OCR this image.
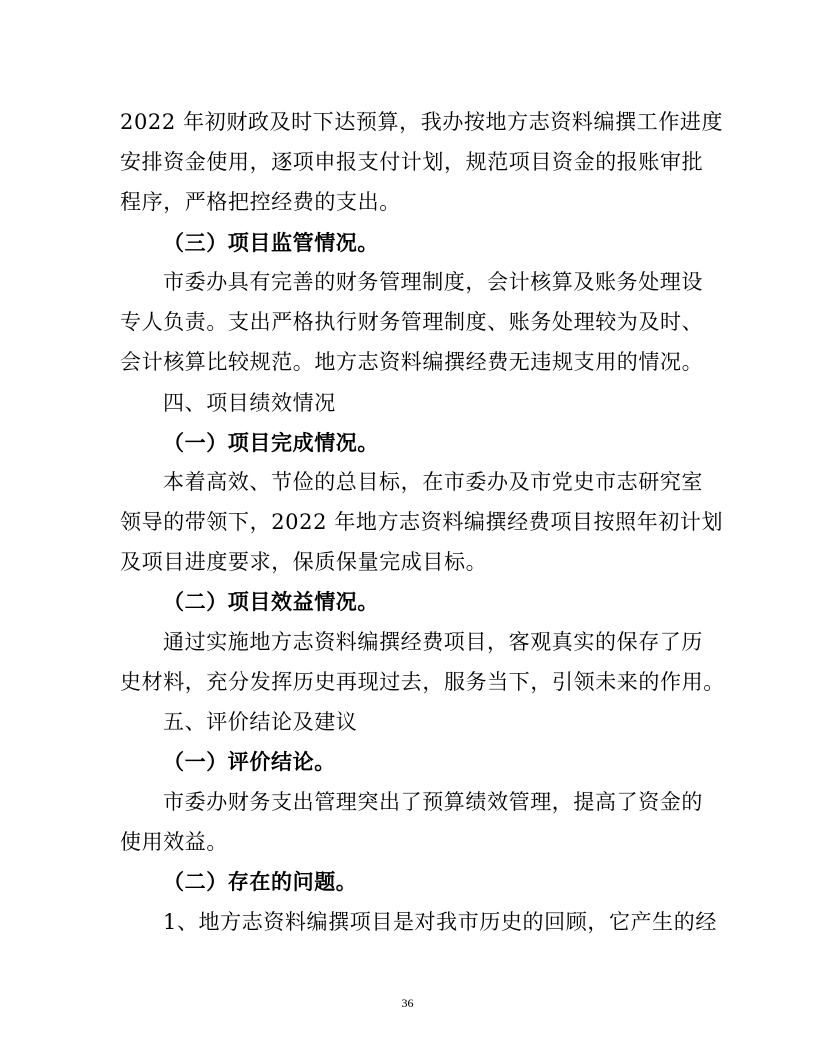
2022 年初财政及时下达预算，我办按地方志资料编撰工作进度
安排资金使用，逐项申报支付计划，规范项目资金的报账审批
程序，严格把控经费的支出。
（三）项目监管情况。
市委办具有完善的财务管理制度，会计核算及账务处理设
专人负责。支出严格执行财务管理制度、账务处理较为及时、
会计核算比较规范。地方志资料编撰经费无违规支用的情况。
四、项目绩效情况
（一）项目完成情况。
本着高效、节俭的总目标，在市委办及市党史市志研究室
领导的带领下，2022 年地方志资料编撰经费项目按照年初计划
及项目进度要求，保质保量完成目标。
（二）项目效益情况。
通过实施地方志资料编撰经费项目，客观真实的保存了历
史材料，充分发挥历史再现过去，服务当下，引领未来的作用。
五、评价结论及建议
（一）评价结论。
市委办财务支出管理突出了预算绩效管理，提高了资金的
使用效益。
（二）存在的问题。
1、地方志资料编撰项目是对我市历史的回顾，它产生的经
36
